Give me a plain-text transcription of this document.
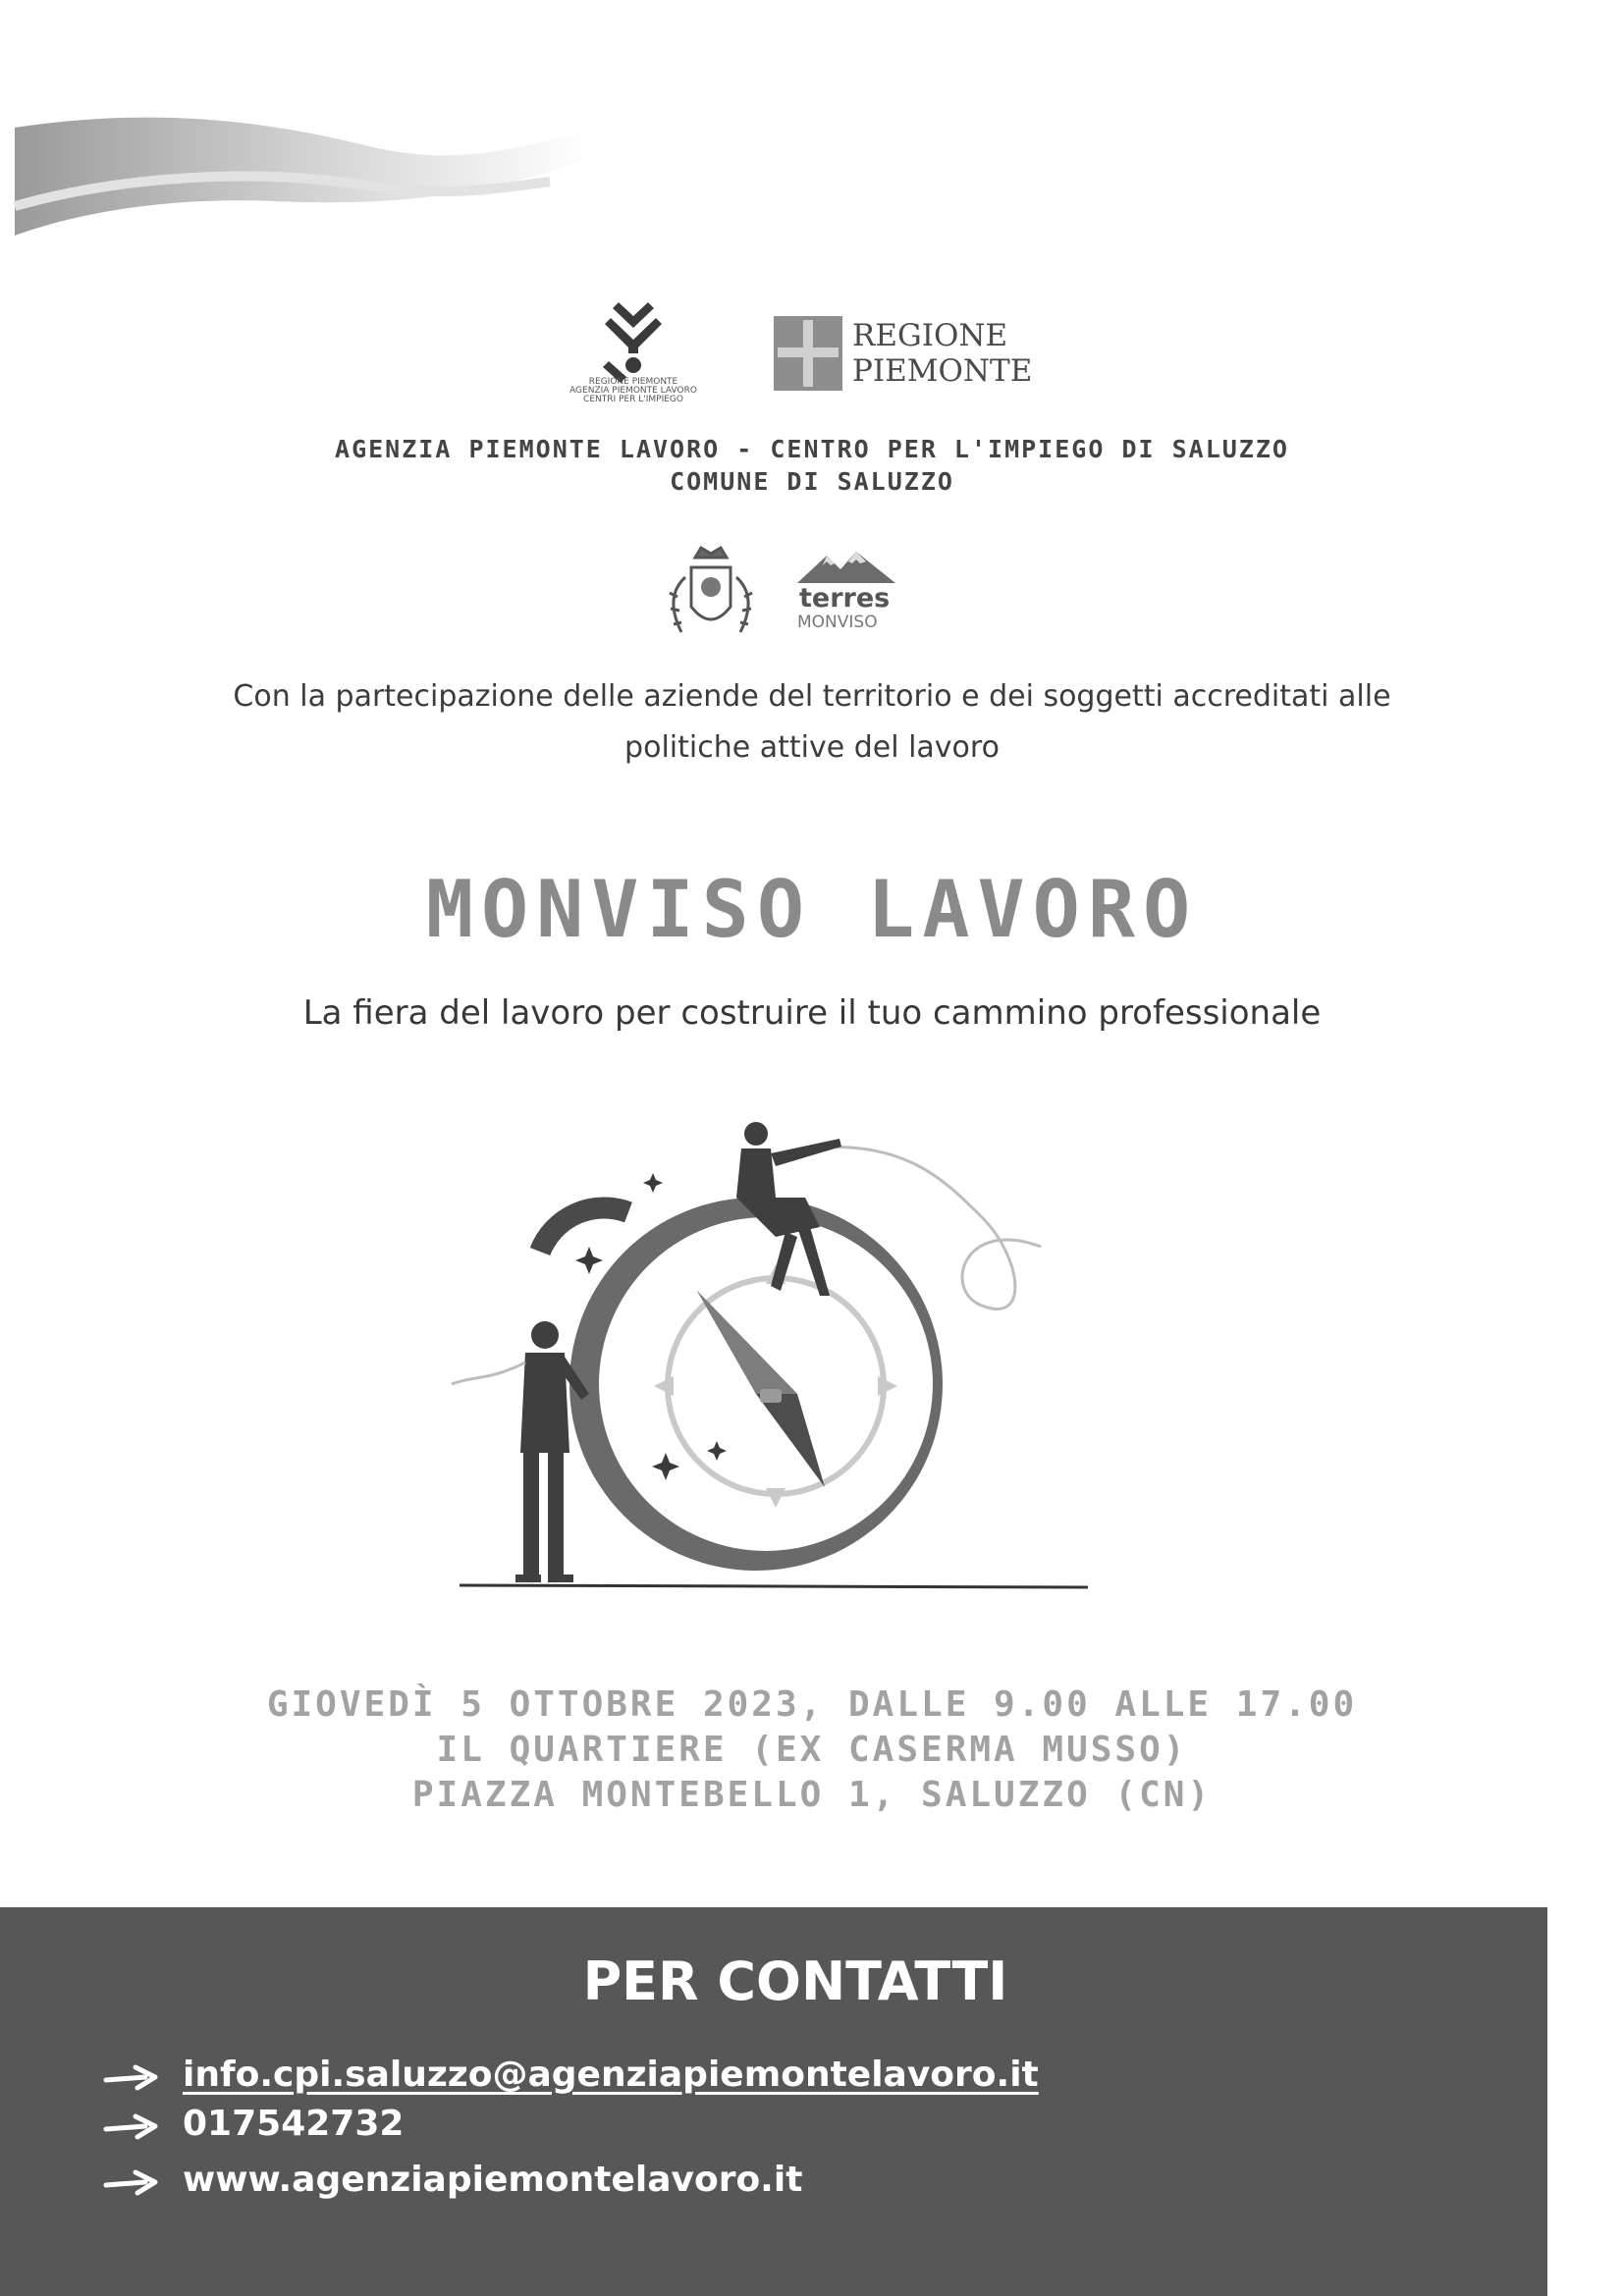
REGIONE PIEMONTE
AGENZIA PIEMONTE LAVORO
CENTRI PER L'IMPIEGO
REGIONE
PIEMONTE
AGENZIA PIEMONTE LAVORO - CENTRO PER L'IMPIEGO DI SALUZZO
COMUNE DI SALUZZO
terres
MONVISO
Con la partecipazione delle aziende del territorio e dei soggetti accreditati alle politiche attive del lavoro
MONVISO LAVORO
La fiera del lavoro per costruire il tuo cammino professionale
GIOVEDÌ 5 OTTOBRE 2023, DALLE 9.00 ALLE 17.00
IL QUARTIERE (EX CASERMA MUSSO)
PIAZZA MONTEBELLO 1, SALUZZO (CN)
PER CONTATTI
info.cpi.saluzzo@agenziapiemontelavoro.it
017542732
www.agenziapiemontelavoro.it
